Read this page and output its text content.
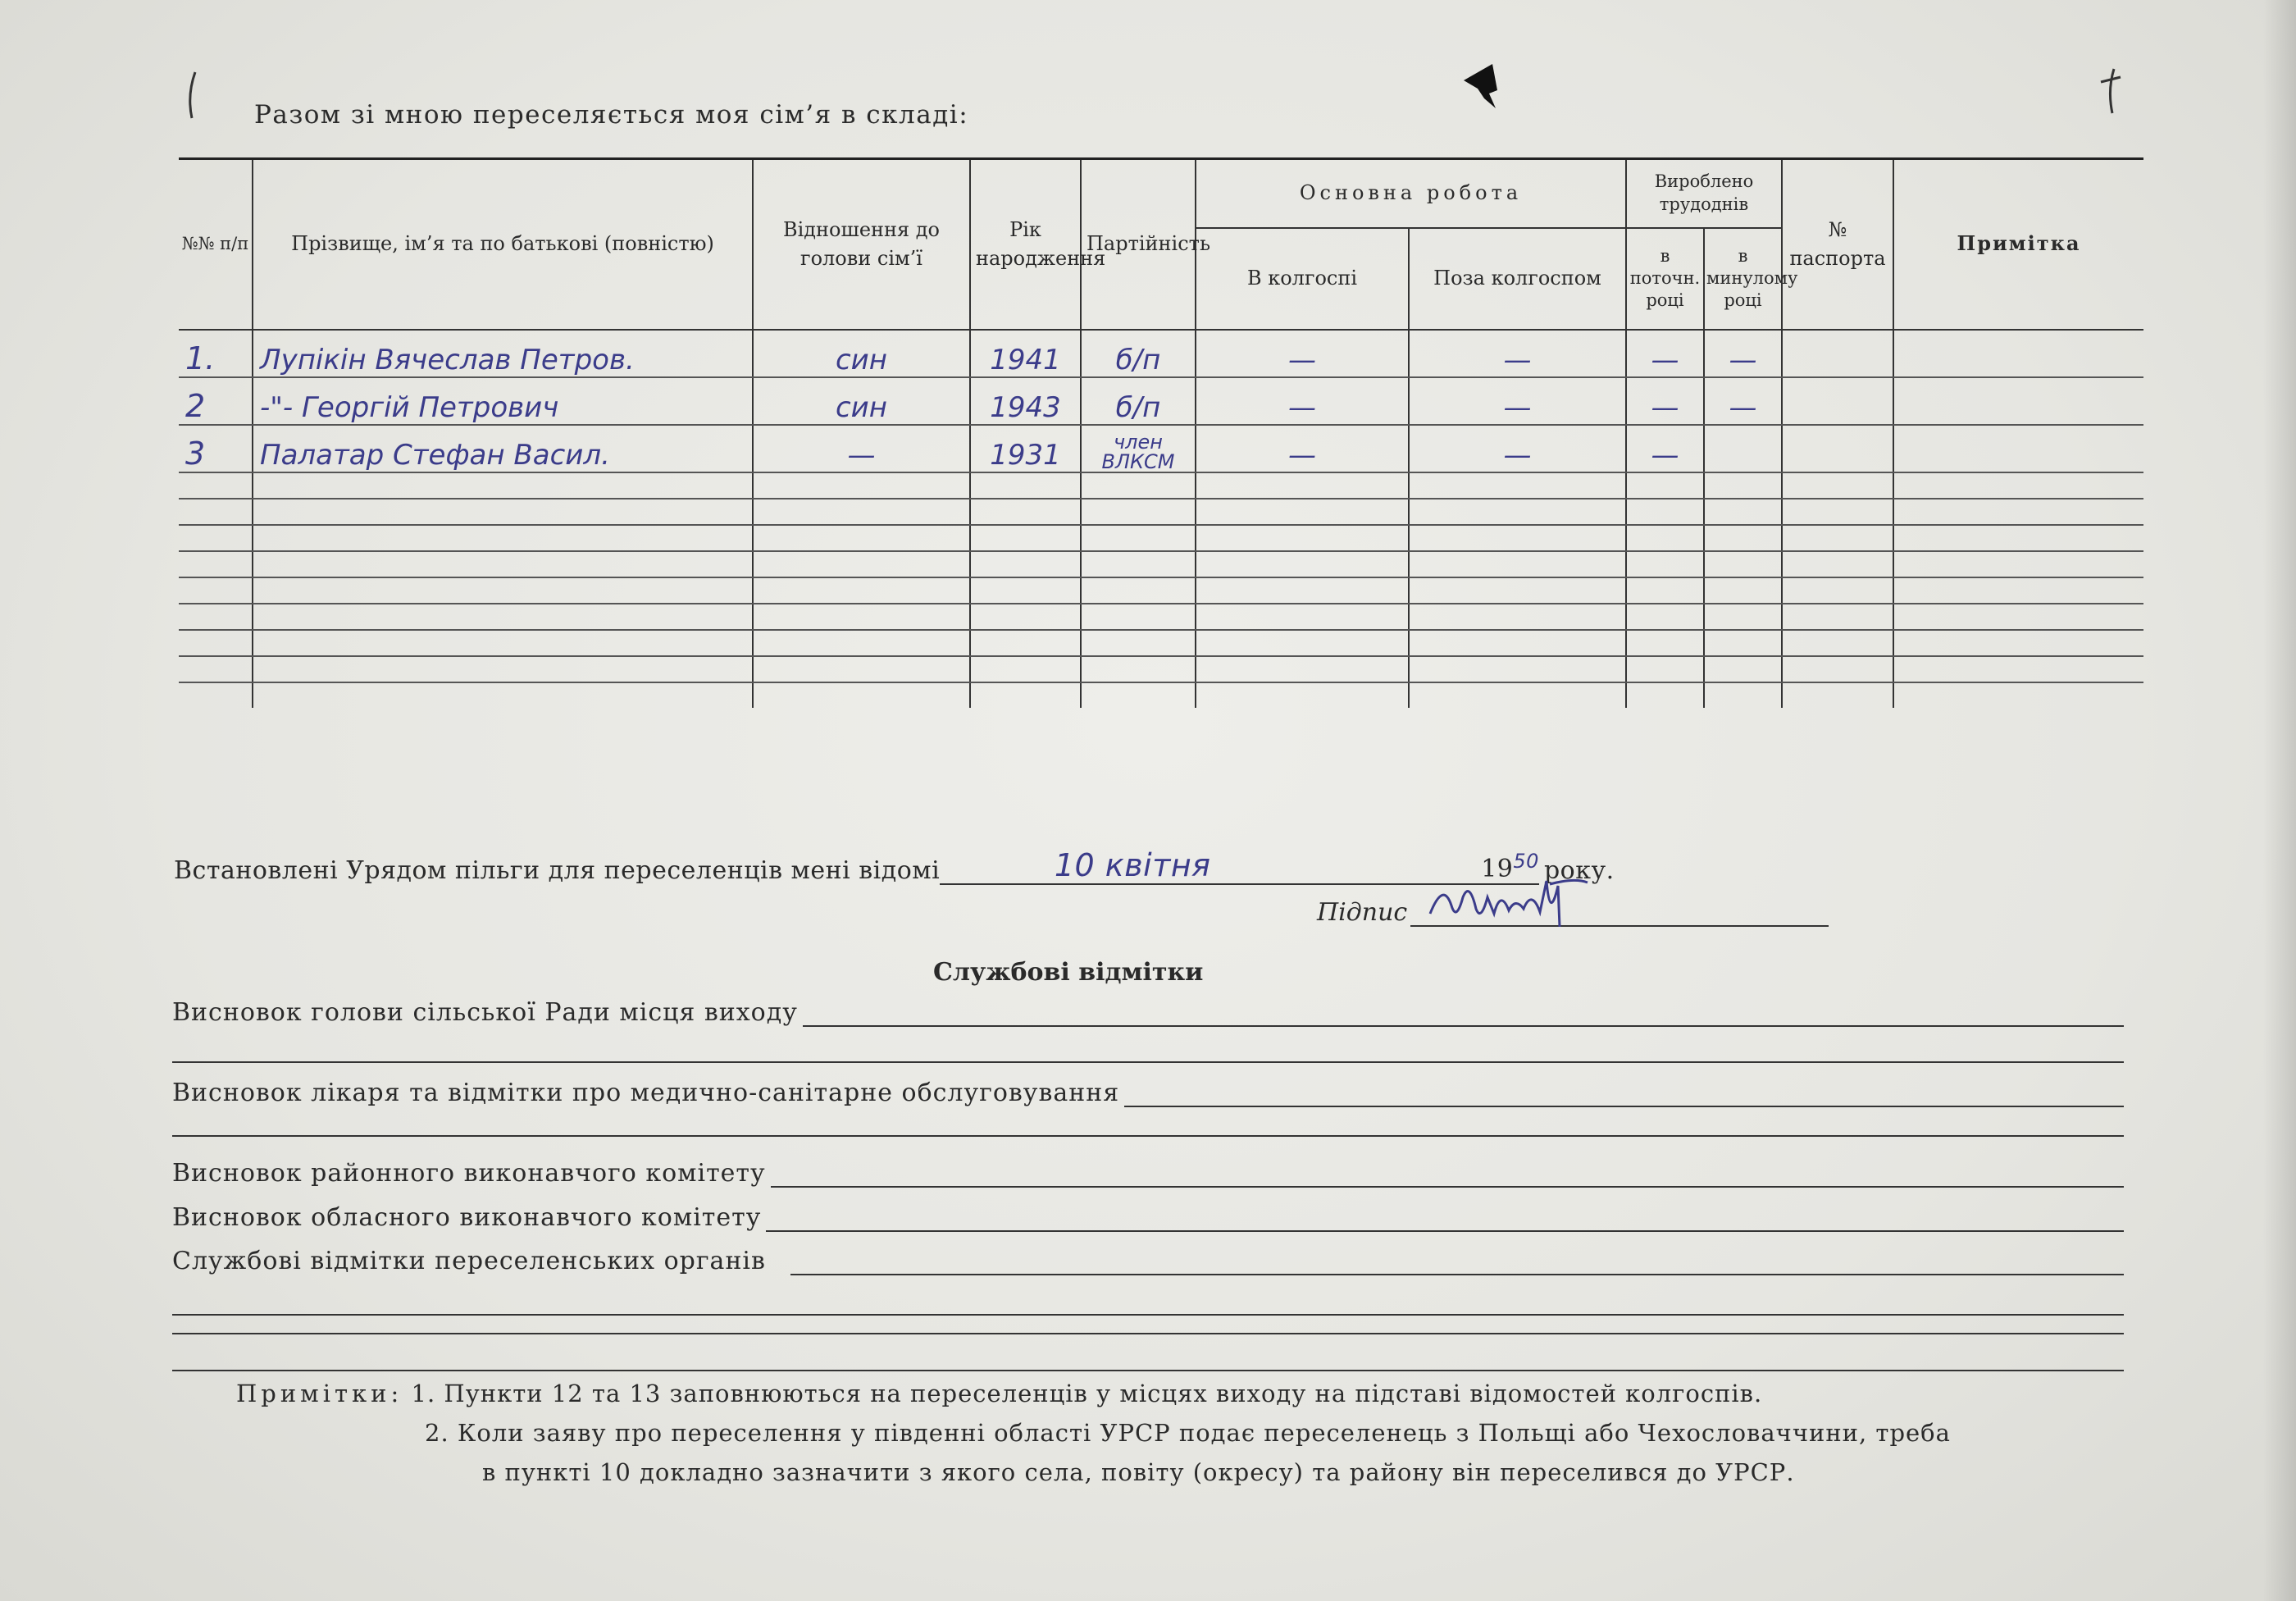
Разом зі мною переселяється моя сім’я в складі:
№№ п/п	Прізвище, ім’я та по батькові (повністю)	Відношення до голови сім’ї	Рік народження	Партійність	Основна робота		Вироблено трудоднів		№ паспорта	Примітка
					В колгоспі	Поза колгоспом	в поточн. році	в минулому році		
1.	Лупікін Вячеслав Петров.	син	1941	б/п	—	—	—	—		
2	-"- Георгій Петрович	син	1943	б/п	—	—	—	—		
3	Палатар Стефан Васил.	—	1931	член ВЛКСМ	—	—	—			

Встановлені Урядом пільги для переселенців мені відомі	10 квітня	$19^{50}$ року.
Підпис
Службові відмітки
Висновок голови сільської Ради місця виходу
Висновок лікаря та відмітки про медично-санітарне обслуговування
Висновок районного виконавчого комітету
Висновок обласного виконавчого комітету
Службові відмітки переселенських органів
Примітки: 1. Пункти 12 та 13 заповнюються на переселенців у місцях виходу на підставі відомостей колгоспів.
2. Коли заяву про переселення у південні області УРСР подає переселенець з Польщі або Чехословаччини, треба
в пункті 10 докладно зазначити з якого села, повіту (окресу) та району він переселився до УРСР.
